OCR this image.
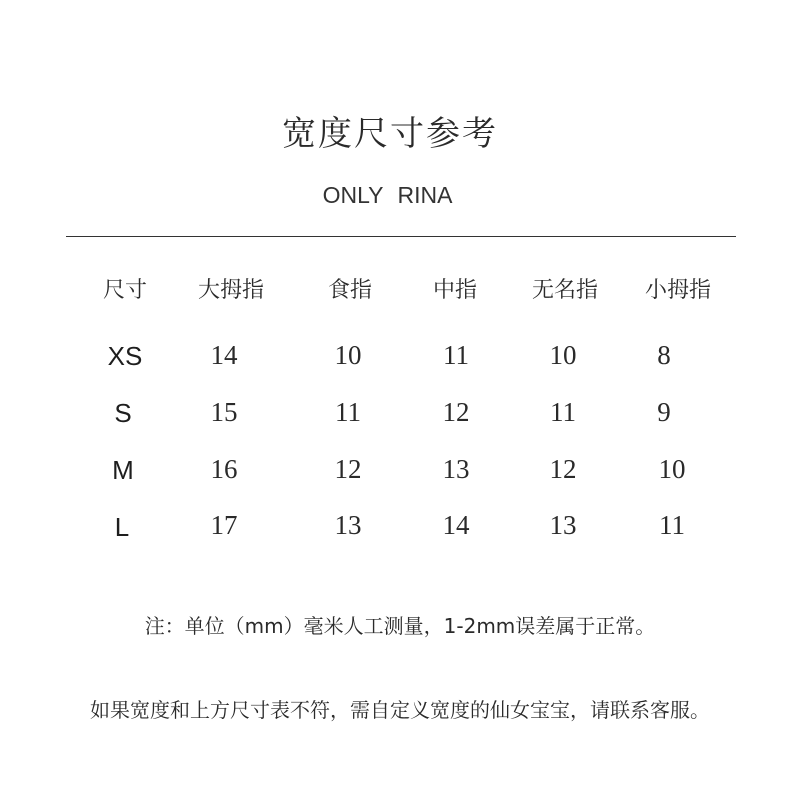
宽度尺寸参考
ONLY RINA
尺寸 大拇指	食指	中指 无名指 小拇指
XS	14	10	11	10	8
S	15	11	12	11	9
M	16	12	13	12	10
L	17	13	14	13	11
注：单位（mm）毫米人工测量，1-2mm误差属于正常。
如果宽度和上方尺寸表不符，需自定义宽度的仙女宝宝，请联系客服。
